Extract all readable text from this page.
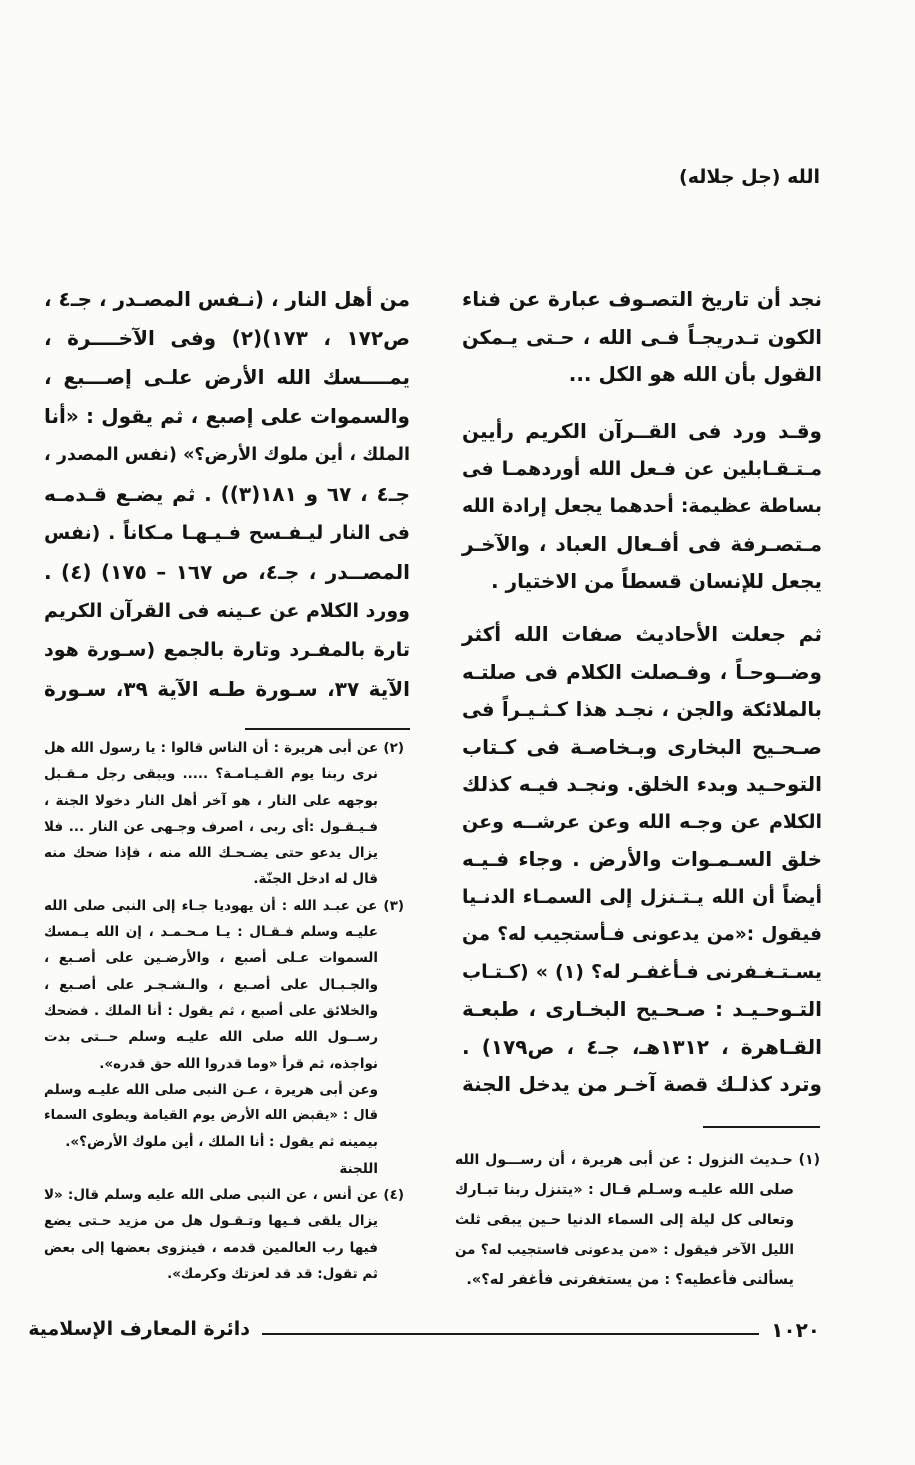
الله (جل جلاله)
نجد أن تاريخ التصـوف عبارة عن فناء
الكون تـدريجـاً فـى الله ، حـتى يـمكن
القول بأن الله هو الكل ...
وقـد ورد فى القــرآن الكريم رأيين
مـتـقـابلين عن فـعل الله أوردهمـا فى
بساطة عظيمة: أحدهما يجعل إرادة الله
مـتصـرفة فى أفـعال العباد ، والآخـر
يجعل للإنسان قسطاً من الاختيار .
ثم جعلت الأحاديث صفات الله أكثر
وضــوحـاً ، وفـصلت الكلام فى صلتـه
بالملائكة والجن ، نجـد هذا كـثـيـراً فى
صـحـيح البخارى وبـخاصـة فى كـتاب
التوحـيد وبدء الخلق. ونجـد فيـه كذلك
الكلام عن وجـه الله وعن عرشــه وعن
خلق السـمـوات والأرض . وجاء فـيـه
أيضاً أن الله يـتـنزل إلى السمـاء الدنـيا
فيقول :«من يدعونى فـأستجيب له؟ من
يسـتـغـفرنى فـأغفـر له؟ (١) » (كـتـاب
التـوحـيـد : صـحـيح البخـارى ، طبعـة
القـاهرة ، ١٣١٢هـ، جـ٤ ، ص١٧٩) .
وترد كذلـك قصة آخـر من يدخل الجنة
(١) حـديث النزول : عن أبى هريرة ، أن رســـول الله
صلى الله عليـه وسـلم قـال : «يتنزل ربنا تبـارك
وتعالى كل ليلة إلى السماء الدنيا حـين يبقى ثلث
الليل الآخر فيقول : «من يدعونى فاستجيب له؟ من
يسألنى فأعطيه؟ : من يستغفرنى فأغفر له؟».
من أهل النار ، (نـفس المصـدر ، جـ٤ ،
ص١٧٢ ، ١٧٣)(٢) وفى الآخــــرة ،
يمــــسك الله الأرض علـى إصـــبع ،
والسموات على إصبع ، ثم يقول : «أنا
الملك ، أين ملوك الأرض؟» (نفس المصدر ،
جـ٤ ، ٦٧ و ١٨١(٣)) . ثم يضـع قـدمـه
فى النار ليـفـسح فـيـهـا مـكاناً . (نفس
المصــدر ، جـ٤، ص ١٦٧ – ١٧٥) (٤) .
وورد الكلام عن عـينه فى القرآن الكريم
تارة بالمفـرد وتارة بالجمع (سـورة هود
الآية ٣٧، سـورة طـه الآية ٣٩، سـورة
(٢) عن أبى هريرة : أن الناس قالوا : يا رسول الله هل
نرى ربنا يوم القـيـامـة؟ ..... ويبقى رجل مـقـبل
بوجهه على النار ، هو آخر أهل النار دخولا الجنة ،
فـيـقـول :أى ربى ، اصرف وجـهى عن النار ... فلا
يزال يدعو حتى يضـحـك الله منه ، فإذا ضحك منه
قال له ادخل الجنّة.
(٣) عن عبـد الله : أن يهوديا جـاء إلى النبى صلى الله
عليـه وسلم فـقـال : يـا مـحـمـد ، إن الله يـمسك
السموات عـلى أصبع ، والأرضـين على أصـبع ،
والجـبـال على أصـبع ، والـشـجـر على أصـبع ،
والخلائق على أصبع ، ثم يقول : أنا الملك . فضحك
رســول الله صلى الله عليـه وسلم حــتى بدت
نواجذه، ثم قرأ «وما قدروا الله حق قدره».
وعن أبى هريرة ، عـن النبى صلى الله عليـه وسلم
قال : «يقبض الله الأرض يوم القيامة ويطوى السماء
بيمينه ثم يقول : أنا الملك ، أين ملوك الأرض؟».
اللجنة
(٤) عن أنس ، عن النبى صلى الله عليه وسلم قال: «لا
يزال يلقى فـيها وتـقـول هل من مزيد حـتى يضع
فيها رب العالمين قدمه ، فينزوى بعضها إلى بعض
ثم تقول: قد قد لعزتك وكرمك».
١٠٢٠
دائرة المعارف الإسلامية
